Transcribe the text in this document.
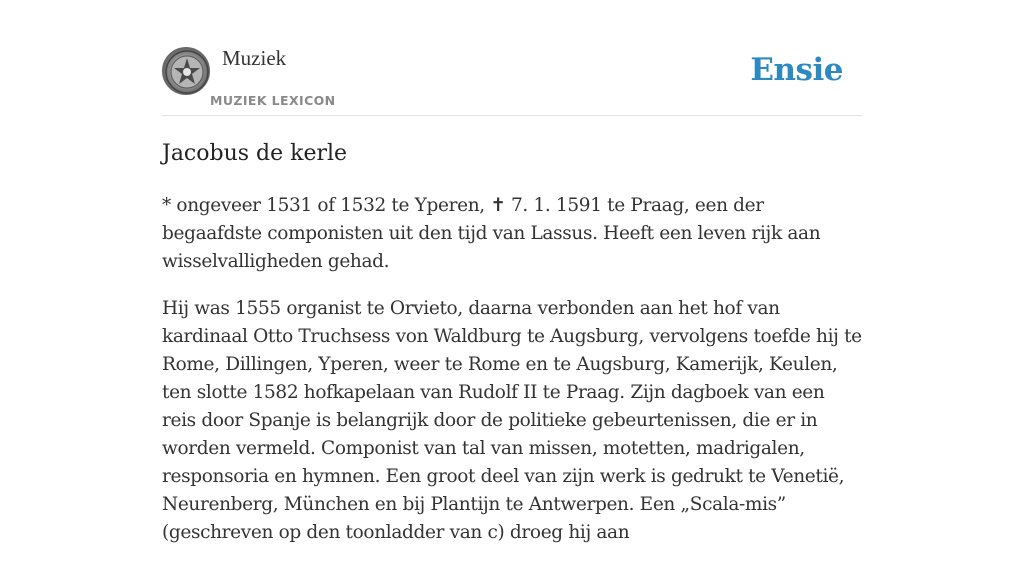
Muziek
MUZIEK LEXICON
Ensie
Jacobus de kerle

* ongeveer 1531 of 1532 te Yperen, ✝ 7. 1. 1591 te Praag, een der begaafdste componisten uit den tijd van Lassus. Heeft een leven rijk aan wisselvalligheden gehad.

Hij was 1555 organist te Orvieto, daarna verbonden aan het hof van kardinaal Otto Truchsess von Waldburg te Augsburg, vervolgens toefde hij te Rome, Dillingen, Yperen, weer te Rome en te Augsburg, Kamerijk, Keulen, ten slotte 1582 hofkapelaan van Rudolf II te Praag. Zijn dagboek van een reis door Spanje is belangrijk door de politieke gebeurtenissen, die er in worden vermeld. Componist van tal van missen, motetten, madrigalen, responsoria en hymnen. Een groot deel van zijn werk is gedrukt te Venetië, Neurenberg, München en bij Plantijn te Antwerpen. Een „Scala-mis” (geschreven op den toonladder van c) droeg hij aan
